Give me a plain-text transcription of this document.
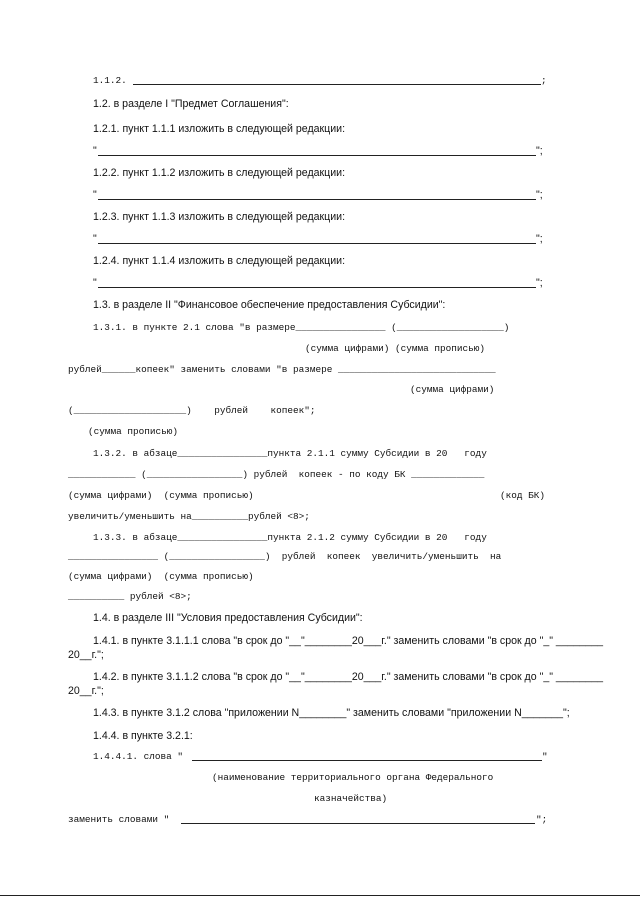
1.1.2.	;
1.2. в разделе I "Предмет Соглашения":
1.2.1. пункт 1.1.1 изложить в следующей редакции:
"	";
1.2.2. пункт 1.1.2 изложить в следующей редакции:
"	";
1.2.3. пункт 1.1.3 изложить в следующей редакции:
"	";
1.2.4. пункт 1.1.4 изложить в следующей редакции:
"	";
1.3. в разделе II "Финансовое обеспечение предоставления Субсидии":
1.3.1. в пункте 2.1 слова "в размере________________ (___________________)
(сумма цифрами) (сумма прописью)
рублей______копеек" заменить словами "в размере ____________________________
(сумма цифрами)
(____________________)    рублей    копеек";
(сумма прописью)
1.3.2. в абзаце________________пункта 2.1.1 сумму Субсидии в 20   году
____________ (_________________) рублей  копеек - по коду БК _____________
(сумма цифрами)  (сумма прописью)	(код БК)
увеличить/уменьшить на__________рублей <8>;
1.3.3. в абзаце________________пункта 2.1.2 сумму Субсидии в 20   году
________________ (_________________)  рублей  копеек  увеличить/уменьшить  на
(сумма цифрами)  (сумма прописью)
__________ рублей <8>;
1.4. в разделе III "Условия предоставления Субсидии":
1.4.1. в пункте 3.1.1.1 слова "в срок до "__"________20___г." заменить словами "в срок до "_" ________
20__г.";
1.4.2. в пункте 3.1.1.2 слова "в срок до "__"________20___г." заменить словами "в срок до "_" ________
20__г.";
1.4.3. в пункте 3.1.2 слова "приложении N________" заменить словами "приложении N_______";
1.4.4. в пункте 3.2.1:
1.4.4.1. слова "	"
(наименование территориального органа Федерального
казначейства)
заменить словами "	";
